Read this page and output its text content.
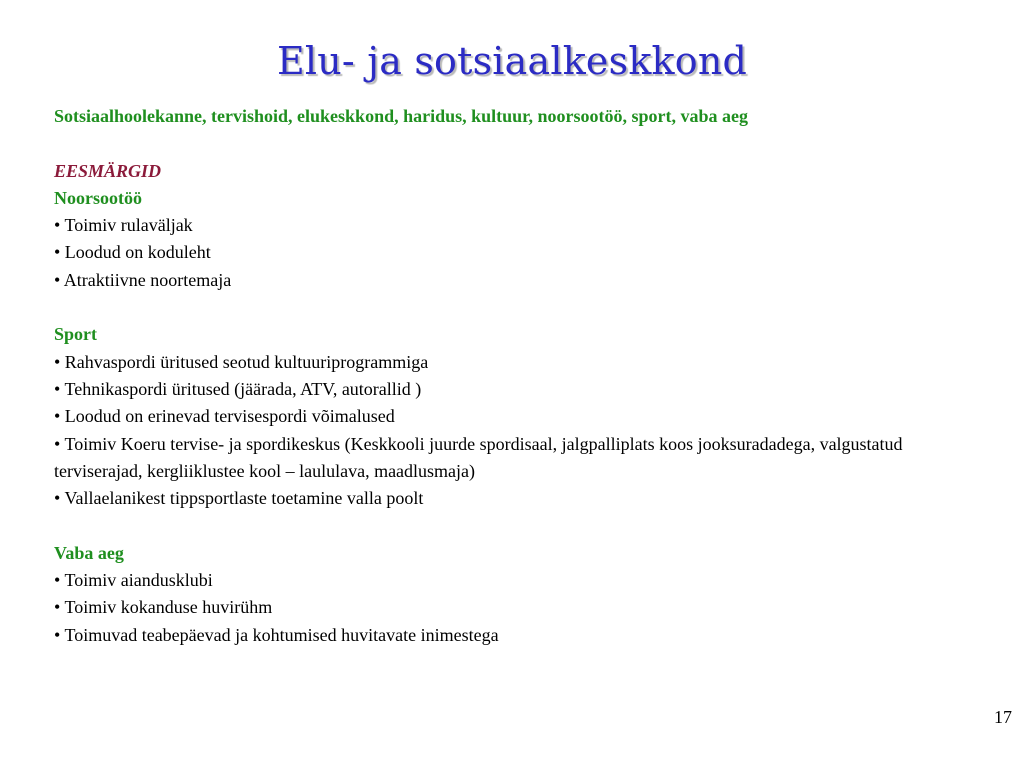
Elu- ja sotsiaalkeskkond
Sotsiaalhoolekanne, tervishoid, elukeskkond, haridus, kultuur, noorsootöö, sport, vaba aeg
EESMÄRGID
Noorsootöö
• Toimiv rulaväljak
• Loodud on koduleht
• Atraktiivne noortemaja
Sport
• Rahvaspordi üritused seotud kultuuriprogrammiga
• Tehnikaspordi üritused (jäärada, ATV, autorallid )
• Loodud on erinevad tervisespordi võimalused
• Toimiv Koeru tervise- ja spordikeskus (Keskkooli juurde spordisaal, jalgpalliplats koos jooksuradadega, valgustatud terviserajad, kergliiklustee kool – laululava, maadlusmaja)
• Vallaelanikest tippsportlaste toetamine valla poolt
Vaba aeg
• Toimiv aiandusklubi
• Toimiv kokanduse huvirühm
• Toimuvad teabepäevad ja kohtumised huvitavate inimestega
17
